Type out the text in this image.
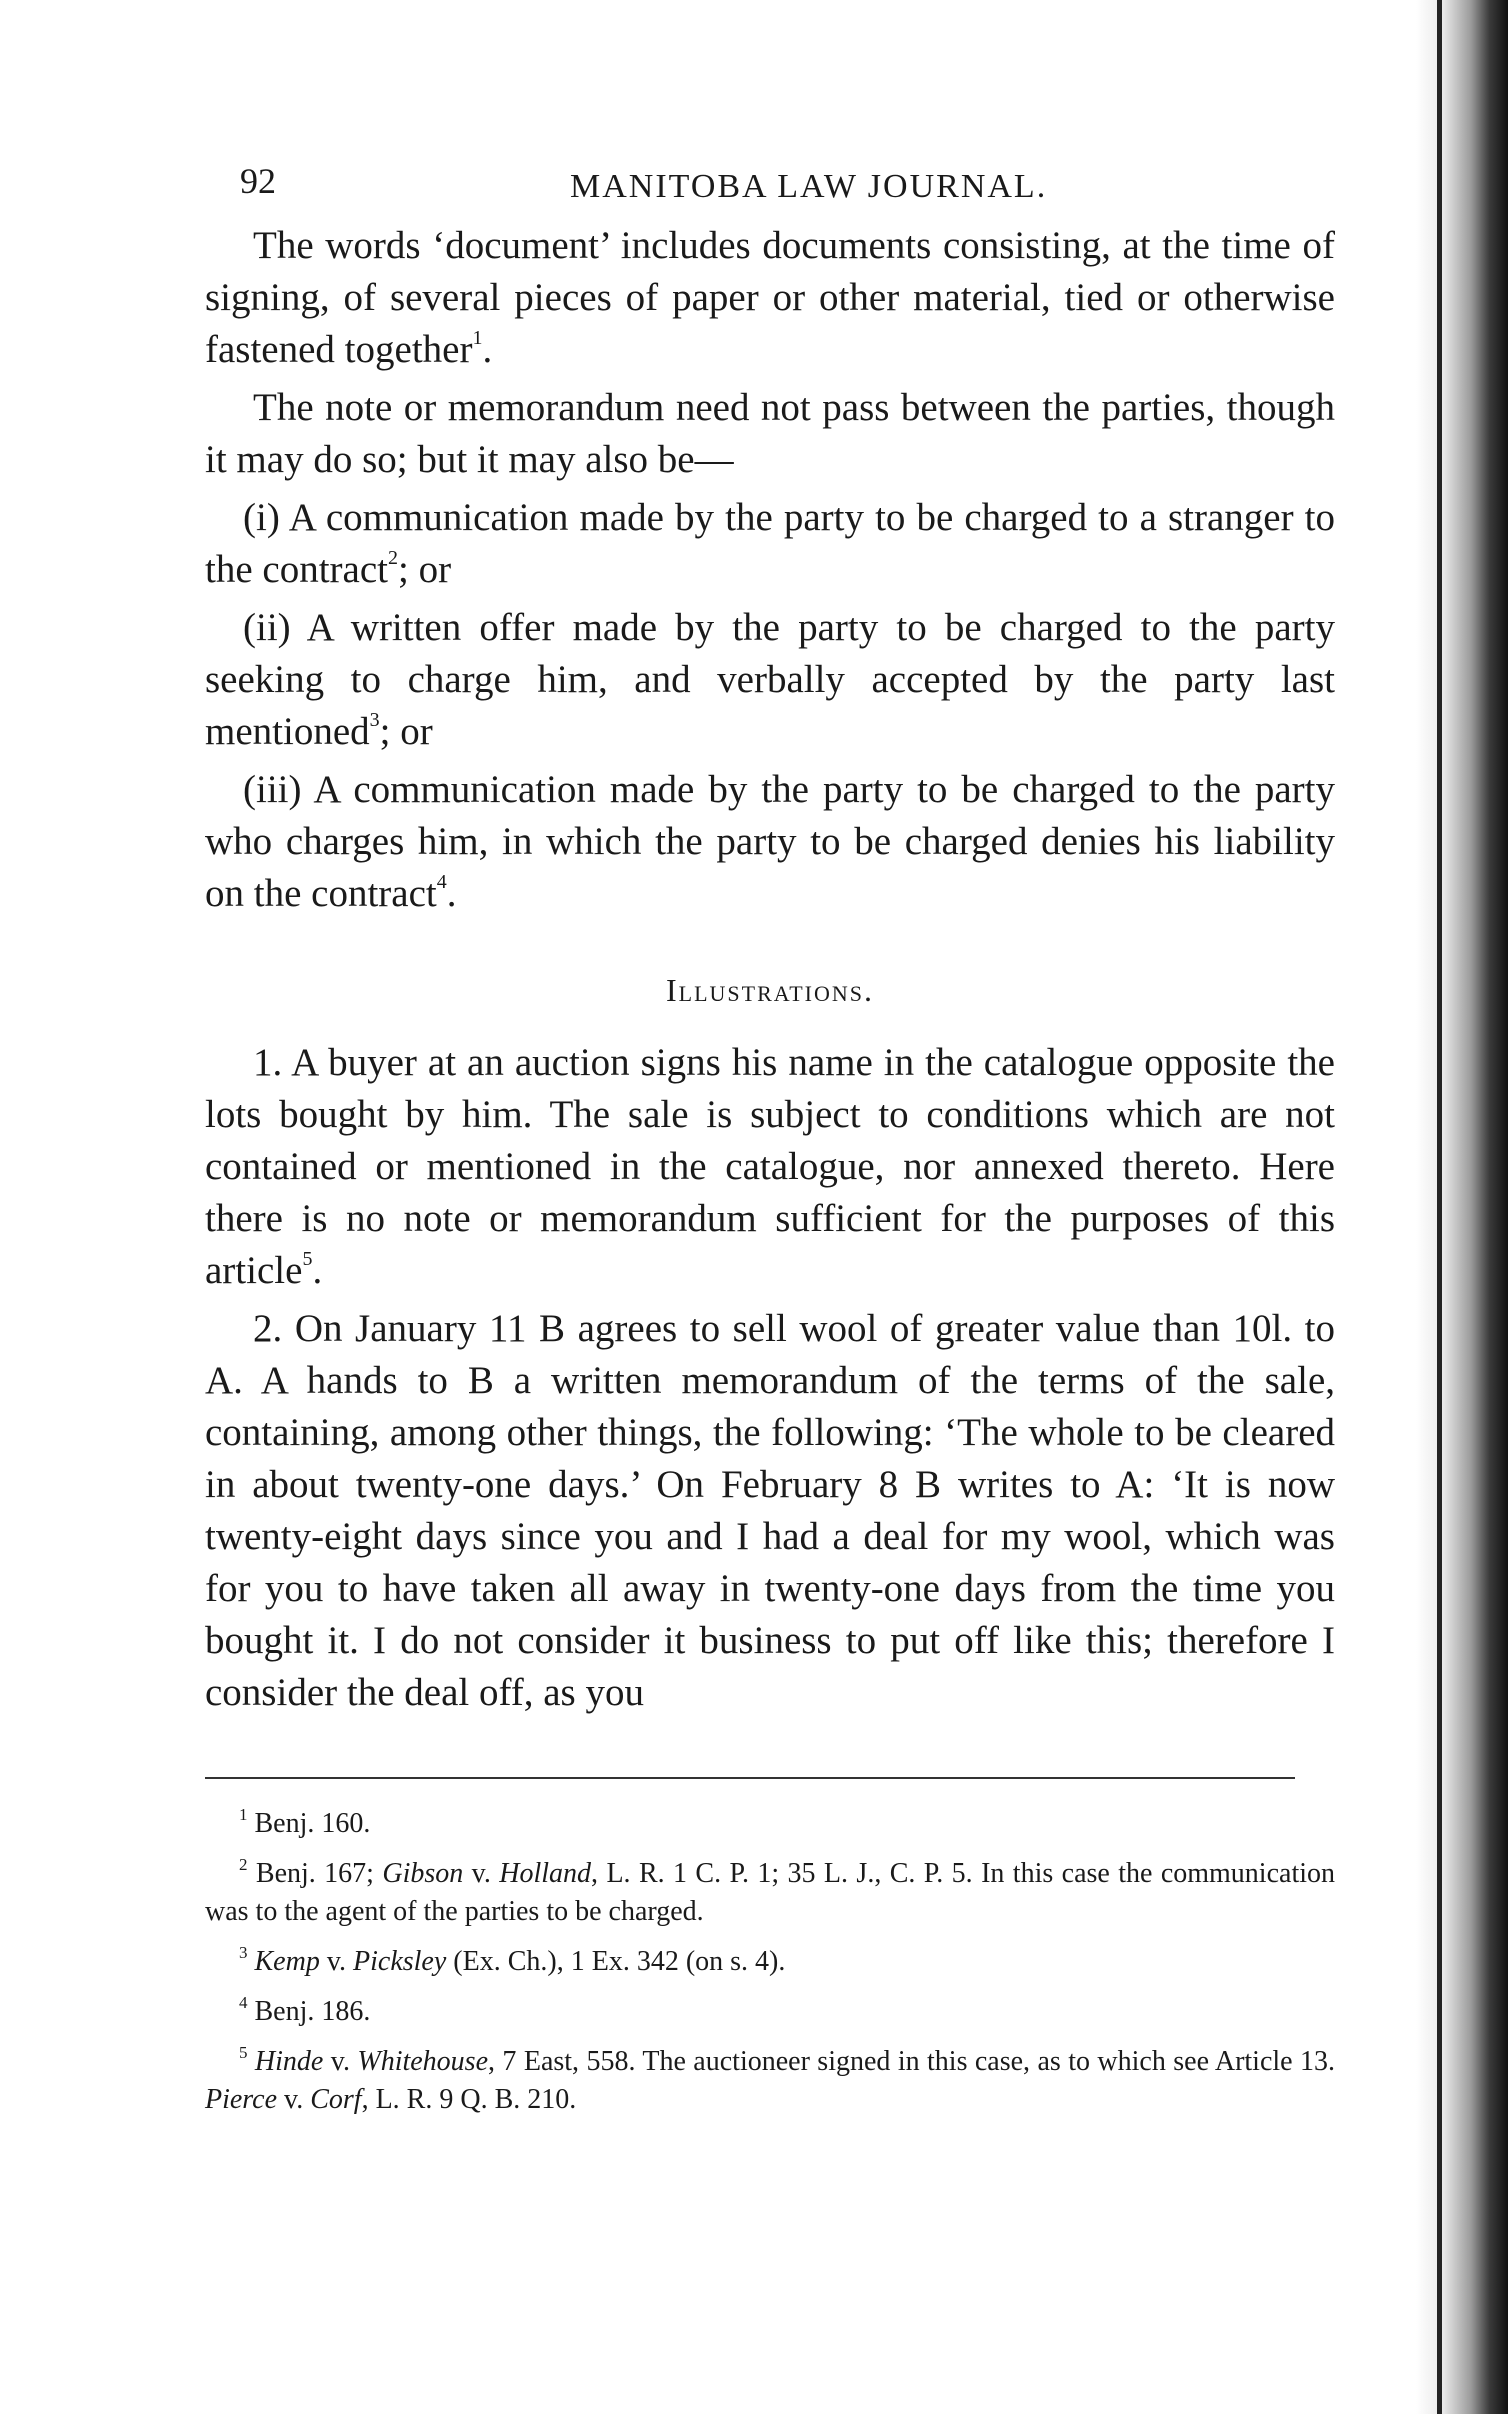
92	MANITOBA LAW JOURNAL.

The words ‘document’ includes documents consisting, at the time of signing, of several pieces of paper or other material, tied or otherwise fastened together$^1$.

The note or memorandum need not pass between the parties, though it may do so; but it may also be—

(i) A communication made by the party to be charged to a stranger to the contract$^2$; or

(ii) A written offer made by the party to be charged to the party seeking to charge him, and verbally accepted by the party last mentioned$^3$; or

(iii) A communication made by the party to be charged to the party who charges him, in which the party to be charged denies his liability on the contract$^4$.

Illustrations.

1. A buyer at an auction signs his name in the catalogue opposite the lots bought by him. The sale is subject to conditions which are not contained or mentioned in the catalogue, nor annexed thereto. Here there is no note or memorandum sufficient for the purposes of this article$^5$.

2. On January 11 B agrees to sell wool of greater value than 10l. to A. A hands to B a written memorandum of the terms of the sale, containing, among other things, the following: ‘The whole to be cleared in about twenty-one days.’ On February 8 B writes to A: ‘It is now twenty-eight days since you and I had a deal for my wool, which was for you to have taken all away in twenty-one days from the time you bought it. I do not consider it business to put off like this; therefore I consider the deal off, as you

$^1$ Benj. 160.

$^2$ Benj. 167; Gibson v. Holland, L. R. 1 C. P. 1; 35 L. J., C. P. 5. In this case the communication was to the agent of the parties to be charged.

$^3$ Kemp v. Picksley (Ex. Ch.), 1 Ex. 342 (on s. 4).

$^4$ Benj. 186.

$^5$ Hinde v. Whitehouse, 7 East, 558. The auctioneer signed in this case, as to which see Article 13. Pierce v. Corf, L. R. 9 Q. B. 210.
